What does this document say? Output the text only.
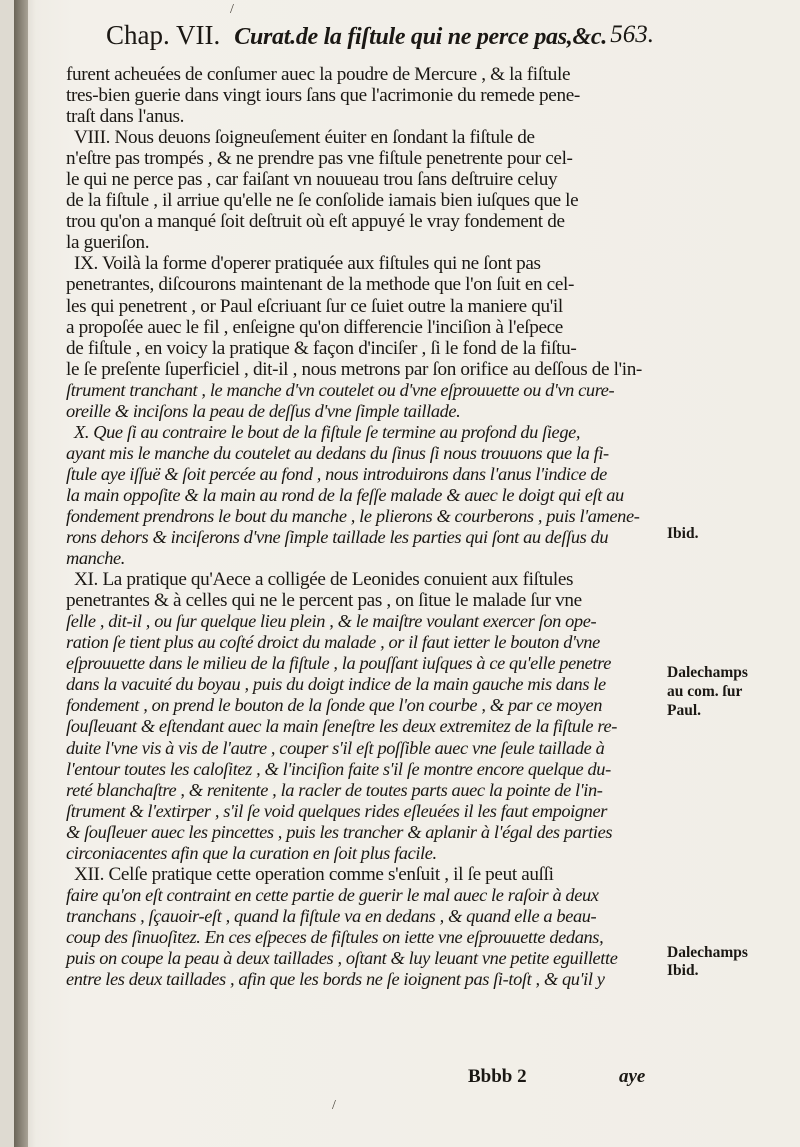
Chap. VII. Curat.de la fiſtule qui ne perce pas,&c. 563.
furent acheuées de conſumer auec la poudre de Mercure , & la fiſtule
tres-bien guerie dans vingt iours ſans que l'acrimonie du remede pene-
traſt dans l'anus.
VIII. Nous deuons ſoigneuſement éuiter en ſondant la fiſtule de
n'eſtre pas trompés , & ne prendre pas vne fiſtule penetrente pour cel-
le qui ne perce pas , car faiſant vn nouueau trou ſans deſtruire celuy
de la fiſtule , il arriue qu'elle ne ſe conſolide iamais bien iuſques que le
trou qu'on a manqué ſoit deſtruit où eſt appuyé le vray fondement de
la gueriſon.
IX. Voilà la forme d'operer pratiquée aux fiſtules qui ne ſont pas
penetrantes, diſcourons maintenant de la methode que l'on ſuit en cel-
les qui penetrent , or Paul eſcriuant ſur ce ſuiet outre la maniere qu'il
a propoſée auec le fil , enſeigne qu'on differencie l'inciſion à l'eſpece
de fiſtule , en voicy la pratique & façon d'inciſer , ſi le fond de la fiſtu-
le ſe preſente ſuperficiel , dit-il , nous metrons par ſon orifice au deſſous de l'in-
ſtrument tranchant , le manche d'vn coutelet ou d'vne eſprouuette ou d'vn cure-
oreille & inciſons la peau de deſſus d'vne ſimple taillade.
X. Que ſi au contraire le bout de la fiſtule ſe termine au profond du ſiege,
ayant mis le manche du coutelet au dedans du ſinus ſi nous trouuons que la fi-
ſtule aye iſſuë & ſoit percée au fond , nous introduirons dans l'anus l'indice de
la main oppoſite & la main au rond de la feſſe malade & auec le doigt qui eſt au
fondement prendrons le bout du manche , le plierons & courberons , puis l'amene-
rons dehors & inciſerons d'vne ſimple taillade les parties qui ſont au deſſus du
manche.
XI. La pratique qu'Aece a colligée de Leonides conuient aux fiſtules
penetrantes & à celles qui ne le percent pas , on ſitue le malade ſur vne
ſelle , dit-il , ou ſur quelque lieu plein , & le maiſtre voulant exercer ſon ope-
ration ſe tient plus au coſté droict du malade , or il faut ietter le bouton d'vne
eſprouuette dans le milieu de la fiſtule , la pouſſant iuſques à ce qu'elle penetre
dans la vacuité du boyau , puis du doigt indice de la main gauche mis dans le
fondement , on prend le bouton de la ſonde que l'on courbe , & par ce moyen
ſouſleuant & eſtendant auec la main ſeneſtre les deux extremitez de la fiſtule re-
duite l'vne vis à vis de l'autre , couper s'il eſt poſſible auec vne ſeule taillade à
l'entour toutes les caloſitez , & l'inciſion faite s'il ſe montre encore quelque du-
reté blanchaſtre , & renitente , la racler de toutes parts auec la pointe de l'in-
ſtrument & l'extirper , s'il ſe void quelques rides eſleuées il les faut empoigner
& ſouſleuer auec les pincettes , puis les trancher & aplanir à l'égal des parties
circoniacentes afin que la curation en ſoit plus facile.
XII. Celſe pratique cette operation comme s'enſuit , il ſe peut auſſi
faire qu'on eſt contraint en cette partie de guerir le mal auec le raſoir à deux
tranchans , ſçauoir-eſt , quand la fiſtule va en dedans , & quand elle a beau-
coup des ſinuoſitez. En ces eſpeces de fiſtules on iette vne eſprouuette dedans,
puis on coupe la peau à deux taillades , oſtant & luy leuant vne petite eguillette
entre les deux taillades , afin que les bords ne ſe ioignent pas ſi-toſt , & qu'il y
Ibid.
Dalechamps
au com. ſur
Paul.
Dalechamps
Ibid.
Bbbb 2	aye
/
/
